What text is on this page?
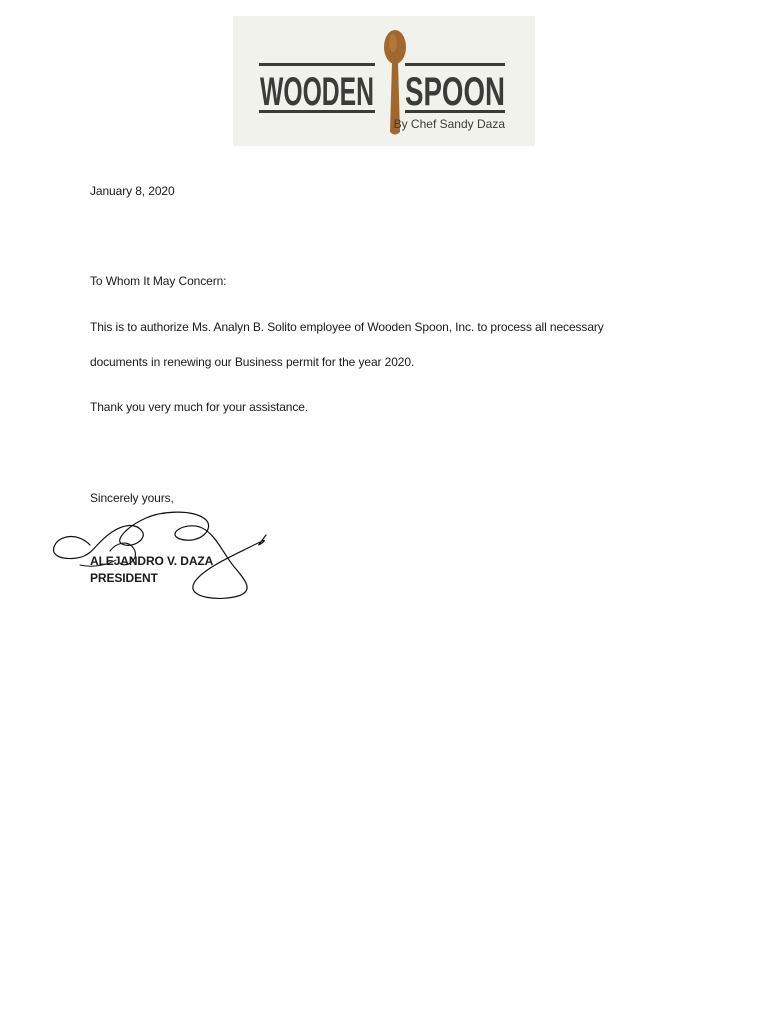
WOODEN SPOON
By Chef Sandy Daza
January 8, 2020
To Whom It May Concern:
This is to authorize Ms. Analyn B. Solito employee of Wooden Spoon, Inc. to process all necessary
documents in renewing our Business permit for the year 2020.
Thank you very much for your assistance.
Sincerely yours,
ALEJANDRO V. DAZA
PRESIDENT
